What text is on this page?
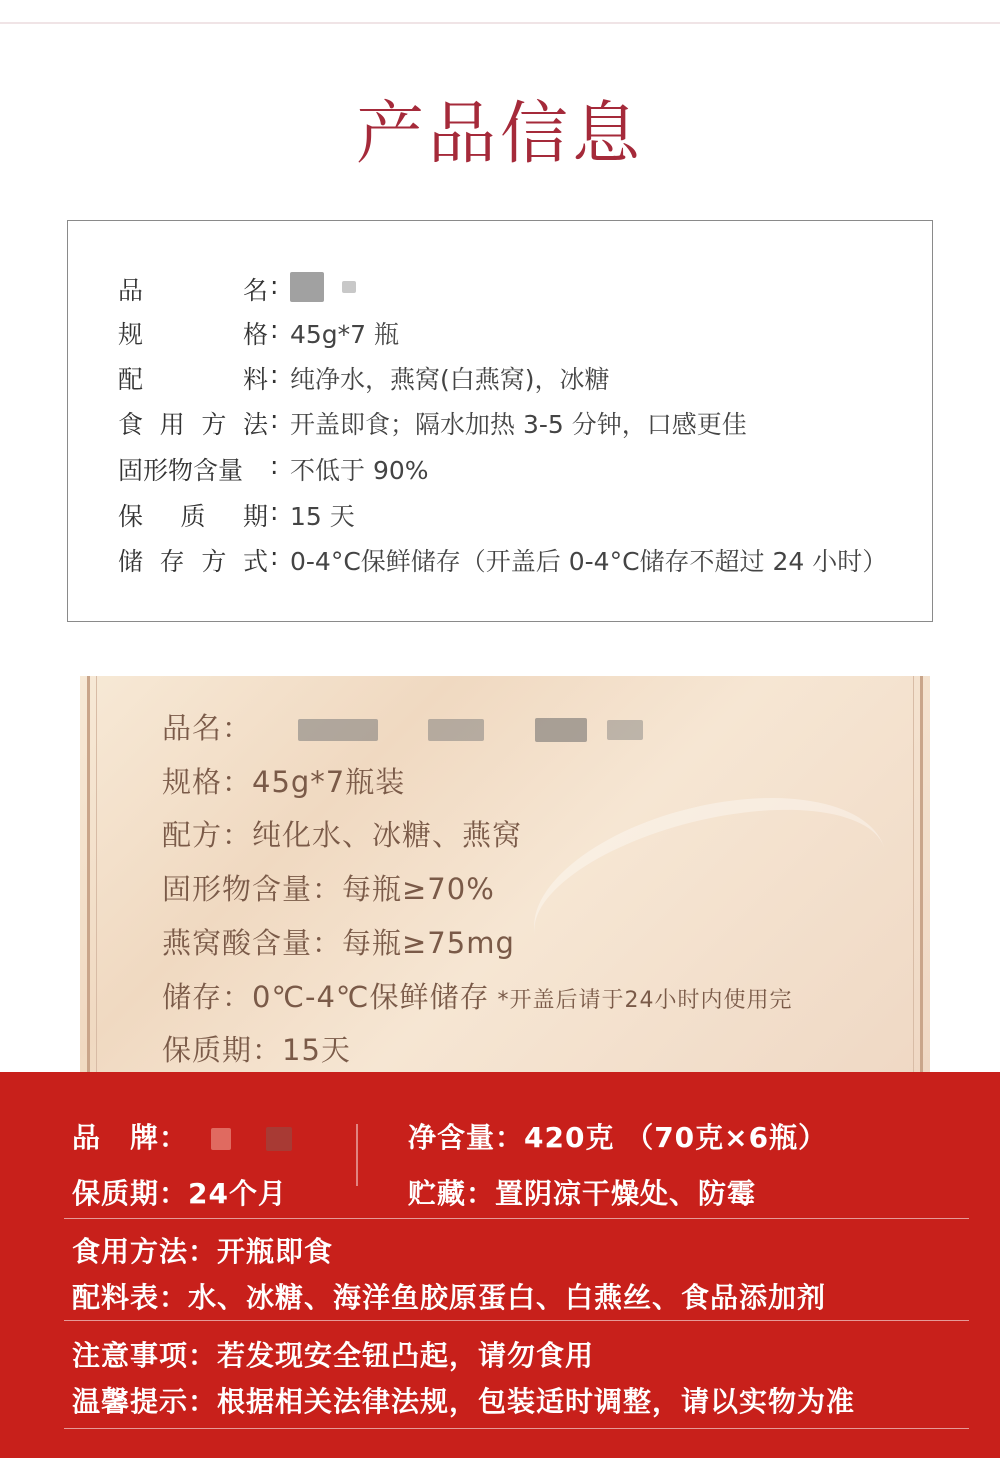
产品信息
品	名 :

规	格 : 45g*7 瓶
配	料 : 纯净水，燕窝(白燕窝)，冰糖
食 用 方 法 : 开盖即食；隔水加热 3-5 分钟，口感更佳
固形物含量 : 不低于 90%
保 质 期 : 15 天
储 存 方 式 : 0-4°C保鲜储存（开盖后 0-4°C储存不超过 24 小时）
品名：
规格：45g*7瓶装
配方：纯化水、冰糖、燕窝
固形物含量：每瓶≥70%
燕窝酸含量：每瓶≥75mg
储存：0℃-4℃保鲜储存 *开盖后请于24小时内使用完
保质期：15天
品　牌：	净含量：420克 （70克×6瓶）
保质期：24个月	贮藏：置阴凉干燥处、防霉
食用方法：开瓶即食
配料表：水、冰糖、海洋鱼胶原蛋白、白燕丝、食品添加剂
注意事项：若发现安全钮凸起，请勿食用
温馨提示：根据相关法律法规，包装适时调整，请以实物为准
